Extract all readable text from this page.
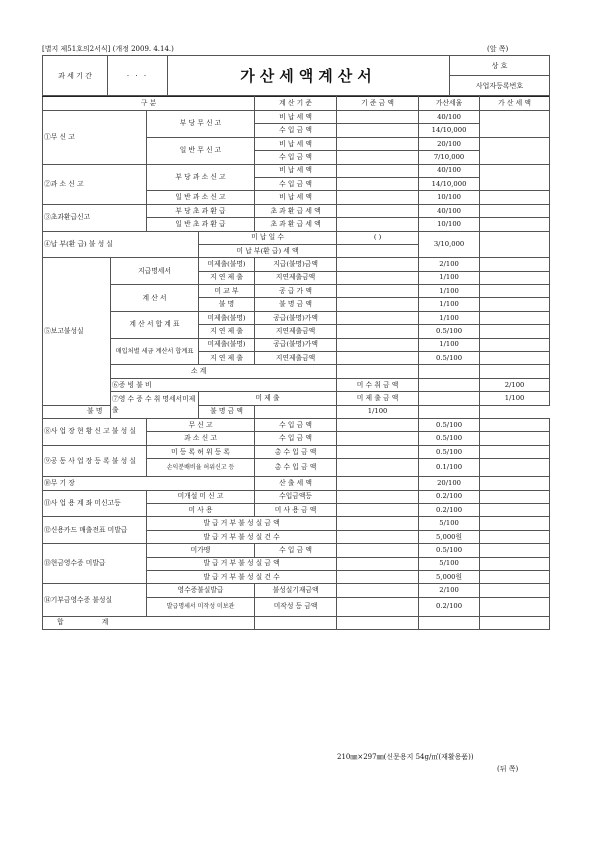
[별지 제51호의2서식] (개정 2009. 4.14.)	(앞 쪽)
과 세 기 간	· · ·	가산세액계산서	상 호
사업자등록번호
구 분				계 산 기 준	기 준 금 액	가산세율	가 산 세 액	
①무 신 고		부 당 무 신 고		비 납 세 액		40/100		
				수 입 금 액		14/10,000		
		일 반 무 신 고		비 납 세 액		20/100		
				수 입 금 액		7/10,000		
②과 소 신 고		부 당 과 소 신 고		비 납 세 액		40/100		
				수 입 금 액		14/10,000		
		일 반 과 소 신 고		비 납 세 액		10/100		
③초과환급신고		부 당 초 과 환 급		초 과 환 급 세 액		40/100		
		일 반 초 과 환 급		초 과 환 급 세 액		10/100		
④납 부(환 급) 불 성 실			미 납 일 수		( )	3/10,000		
			미 납 부(환 급) 세 액					
⑤보고불성실	지급명세서		미제출(불명)	지급(불명)금액		2/100		
			지 연 제 출	지연제출금액		1/100		
	계 산 서		미 교 부	공 급 가 액		1/100		
			불 명	불 명 금 액		1/100		
	계 산 서 합 계 표		미제출(불명)	공급(불명)가액		1/100		
			지 연 제 출	지연제출금액		0.5/100		
	매입처별 세금 계산서 합계표		미제출(불명)	공급(불명)가액		1/100		
			지 연 제 출	지연제출금액		0.5/100		
	소 계							
	⑥증 빙 불 비				미 수 취 금 액		2/100	
	⑦영 수 증 수 취 명세서미제출		미 제 출		미 제 출 금 액		1/100	
불 명			불 명 금 액		1/100			
⑧사 업 장 현 황 신 고 불 성 실		무 신 고		수 입 금 액		0.5/100		
		과 소 신 고		수 입 금 액		0.5/100		
⑨공 동 사 업 장 등 록 불 성 실		미 등 록 허 위 등 록		총 수 입 금 액		0.5/100		
		손익분배비율 허위신고 등		총 수 입 금 액		0.1/100		
⑩무 기 장				산 출 세 액		20/100		
⑪사 업 용 계 좌 미신고등		미개설 미 신 고		수입금액등		0.2/100		
		미 사 용		미 사 용 금 액		0.2/100		
⑫신용카드 매출전표 미발급		발 급 거 부 불 성 실 금 액				5/100		
		발 급 거 부 불 성 실 건 수				5,000원		
⑬현금영수증 미발급		미가맹		수 입 금 액		0.5/100		
		발 급 거 부 불 성 실 금 액				5/100		
		발 급 거 부 불 성 실 건 수				5,000원		
⑭기부금영수증 불성실		영수증불실발급		불성실기재금액		2/100		
		발급명세서 미작성 미보관		미작성 등 금액		0.2/100		
합 계								
210㎜×297㎜(신문용지 54g/㎡(재활용품))
(뒤 쪽)
